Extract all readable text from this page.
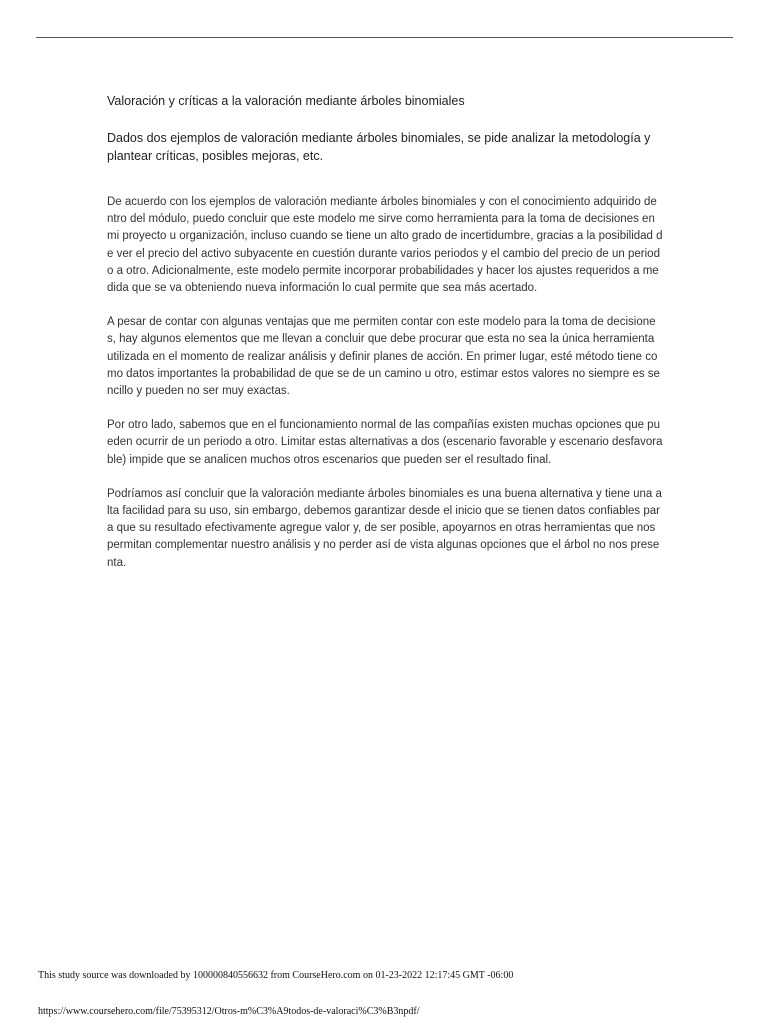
Valoración y críticas a la valoración mediante árboles binomiales
Dados dos ejemplos de valoración mediante árboles binomiales, se pide analizar la metodología y plantear críticas, posibles mejoras, etc.

De acuerdo con los ejemplos de valoración mediante árboles binomiales y con el conocimiento adquirido dentro del módulo, puedo concluir que este modelo me sirve como herramienta para la toma de decisiones en mi proyecto u organización, incluso cuando se tiene un alto grado de incertidumbre, gracias a la posibilidad de ver el precio del activo subyacente en cuestión durante varios periodos y el cambio del precio de un periodo a otro. Adicionalmente, este modelo permite incorporar probabilidades y hacer los ajustes requeridos a medida que se va obteniendo nueva información lo cual permite que sea más acertado.

A pesar de contar con algunas ventajas que me permiten contar con este modelo para la toma de decisiones, hay algunos elementos que me llevan a concluir que debe procurar que esta no sea la única herramienta utilizada en el momento de realizar análisis y definir planes de acción. En primer lugar, esté método tiene como datos importantes la probabilidad de que se de un camino u otro, estimar estos valores no siempre es sencillo y pueden no ser muy exactas.

Por otro lado, sabemos que en el funcionamiento normal de las compañías existen muchas opciones que pueden ocurrir de un periodo a otro. Limitar estas alternativas a dos (escenario favorable y escenario desfavorable) impide que se analicen muchos otros escenarios que pueden ser el resultado final.

Podríamos así concluir que la valoración mediante árboles binomiales es una buena alternativa y tiene una alta facilidad para su uso, sin embargo, debemos garantizar desde el inicio que se tienen datos confiables para que su resultado efectivamente agregue valor y, de ser posible, apoyarnos en otras herramientas que nos permitan complementar nuestro análisis y no perder así de vista algunas opciones que el árbol no nos presenta.

This study source was downloaded by 100000840556632 from CourseHero.com on 01-23-2022 12:17:45 GMT -06:00
https://www.coursehero.com/file/75395312/Otros-m%C3%A9todos-de-valoraci%C3%B3npdf/
